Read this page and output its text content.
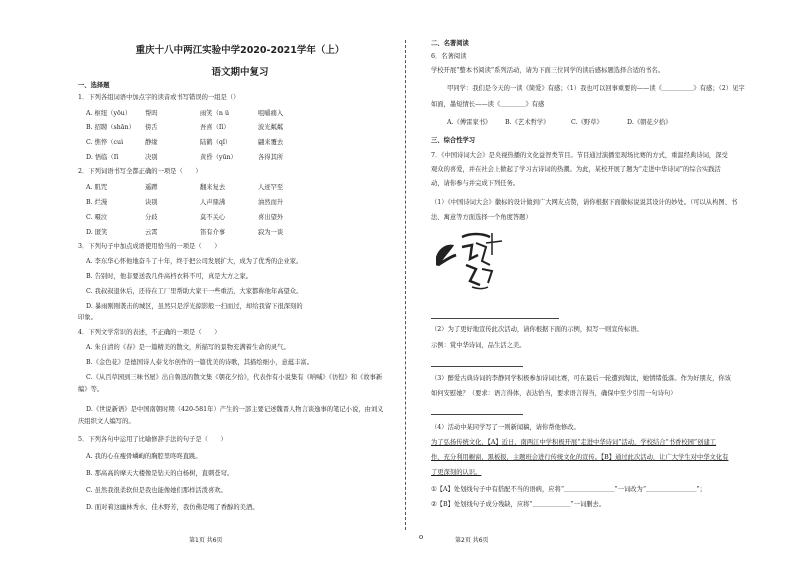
重庆十八中两江实验中学2020-2021学年（上）
语文期中复习
一、选择题
1．下列各组词语中加点字的读音或书写错误的一组是（）
A. 枢纽（yōu） 帮吗	雨笑（n ü	咀嚼痛入
B. 招聘（shān） 傍舌	吾喜（Iǐ）	波光粼粼
C. 憔悴（cuì	静缘	陆鹤（qǐ）	翩来覆去
D. 悟临（Iǐ	决别	黄昏（yūn）	各得其所
2．下列词语书写全都正确的一项是（　　）
A. 肌咒	遥蹲	翻来复去	人迹罕至
B. 烂漫	诀别	人声鼎沸	油然而升
C. 嗫泣	分歧	莫不关心	喜出望外
D. 匿笑	云霄	笛有介事	寂为一谈
3．下列句子中加点成语使用恰当的一项是（　　）
A. 李东华心怀他地奋斗了十年，终于把公司发展扩大，成为了优秀的企业家。
B. 告别时，他非要送我几件高档衣料不可，真是大方之家。
C. 我叔叔退休后，还待在工厂里帮助大家干一些重活，大家都称他年高望众。
D. 暴雨刚刚袭击的城区，虽然只是浮光掠影般一扫而过，却给我留下很深刻的
印象。
4．下列文学常识的表述，不正确的一项是（　　）
A. 朱自清的《春》是一篇精美的散文，所描写的景物充满着生命的灵气。
B.《金色花》是德国诗人泰戈尔创作的一篇优美的诗歌，其描绘细小，意蕴丰富。
C.《从百草园到三味书屋》出自鲁迅的散文集《朝花夕拾》，代表作有小说集有《呐喊》《彷徨》和《故事新
编》等。
D.《世说新语》是中国南朝时期（420-581年）产生的一部主要记述魏晋人物言谈逸事的笔记小说，由刘义
庆组织文人编写的。
5．下列各句中运用了比喻修辞手法的句子是（　　）
A. 我的心在瘦骨嶙峋的胸腔里咚咚直跳。
B. 那高高的摩天大楼像是钻天的白杨树，直刺苍穹。
C. 虽然我很柔软但是我也能像她们那样活泼喜欢。
D. 面对着这幽林秀水、佳木野芳，我仿佛是喝了香醇的美酒。
第1页 共6页	o
二、名著阅读
6．名著阅读
学校开展“整本书阅读”系列活动，请为下面三位同学的读后感标题选择合适的书名。
甲同学：我们是今天的一读《简爱》有感；（1）我也可以回事重要的——读《＿＿＿＿＿》有感；（2）见字
如面，墨短情长——读《＿＿＿＿》有感
A.《傅雷家书》 B.《艺术哲学》	C.《野草》	D.《朝花夕拾》
三、综合性学习
7．《中国诗词大会》是央视热播的文化益智类节目。节目通过演播室现场比赛的方式，重温经典诗词，深受
观众的喜爱，并在社会上掀起了学习古诗词的热潮。为此，某校开展了题为“走进中华诗词”的综合实践活
动，请你参与并完成下列任务。
（1）《中国诗词大会》徽标的设计做到广大网友点赞，请你根据下面徽标说说其设计的妙处。（可以从构图、书
法、寓意等方面选择一个角度答题）
（2）为了更好地宣传此次活动，请你根据下面的示例，拟写一则宣传标语。
示例：赏中华诗词，品生活之美。
（3）醉爱古典诗词的李静同学积极参加诗词比赛，可在最后一轮遭到淘汰，她情绪低落。作为好朋友，你该
如何安慰她？（要求：语言得体，表达恰当，要求语言得当，确保中至少引用一句诗句）
（4）活动中某同学写了一则新闻稿，请你帮他修改。
为了弘扬传统文化，【A】近日，南两江中学积极开展“走进中华诗词”活动，学校结合“书香校园”创建工
作，充分利用橱窗，黑板报，主题班会进行传统文化的宣传。【B】通过此次活动，让广大学生对中华文化有
了更深刻的认识。
①【A】处划线句子中有搭配不当的语病，应将“＿＿＿＿＿＿＿＿”一词改为“＿＿＿＿＿＿＿＿”；
②【B】处划线句子成分残缺，应将“＿＿＿＿＿＿”一词删去。
第2页 共6页
